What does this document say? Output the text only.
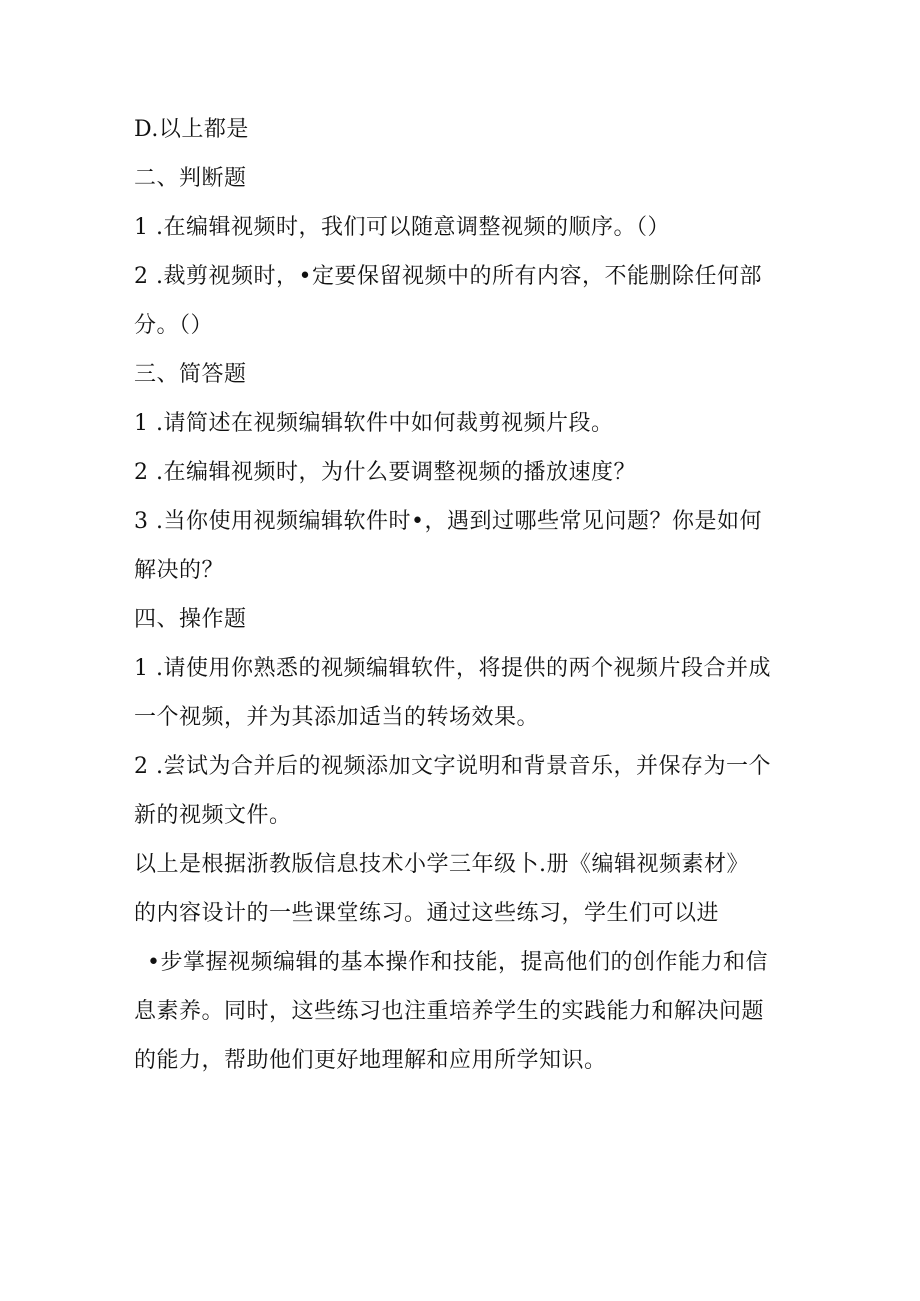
D.以上都是
二、判断题
1 .在编辑视频时，我们可以随意调整视频的顺序。（）
2 .裁剪视频时，•定要保留视频中的所有内容，不能删除任何部
分。（）
三、简答题
1 .请简述在视频编辑软件中如何裁剪视频片段。
2 .在编辑视频时，为什么要调整视频的播放速度？
3 .当你使用视频编辑软件时•，遇到过哪些常见问题？你是如何
解决的？
四、操作题
1 .请使用你熟悉的视频编辑软件，将提供的两个视频片段合并成
一个视频，并为其添加适当的转场效果。
2 .尝试为合并后的视频添加文字说明和背景音乐，并保存为一个
新的视频文件。
以上是根据浙教版信息技术小学三年级卜.册《编辑视频素材》
的内容设计的一些课堂练习。通过这些练习，学生们可以进
•步掌握视频编辑的基本操作和技能，提高他们的创作能力和信
息素养。同时，这些练习也注重培养学生的实践能力和解决问题
的能力，帮助他们更好地理解和应用所学知识。
